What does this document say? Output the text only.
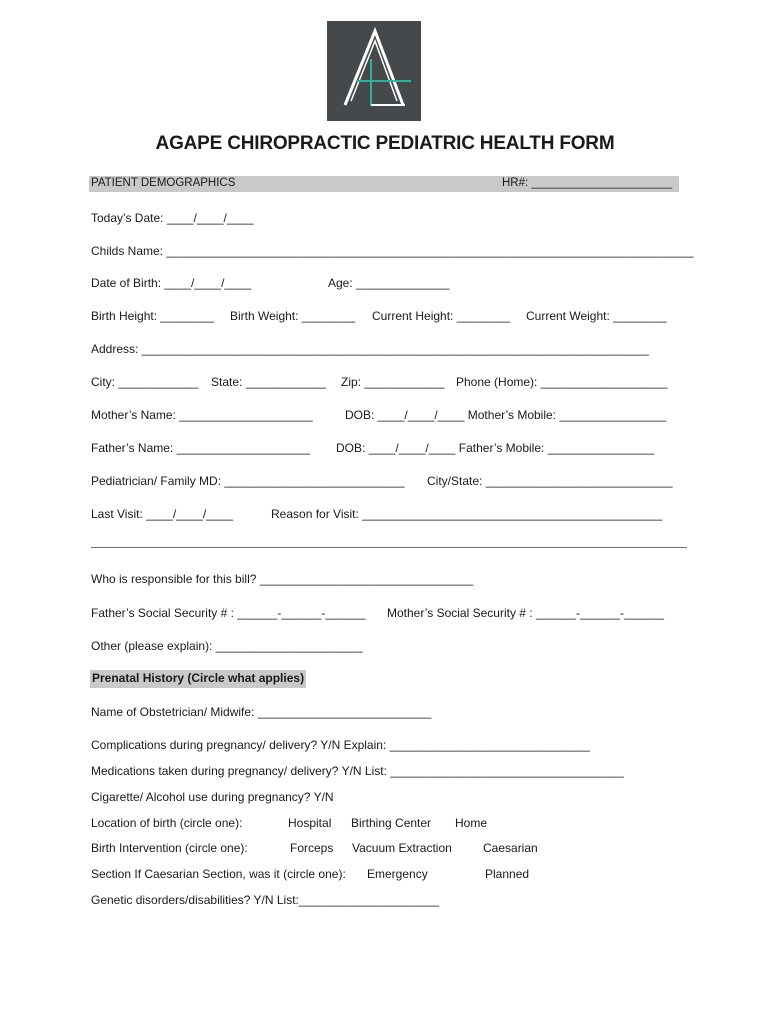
AGAPE CHIROPRACTIC PEDIATRIC HEALTH FORM
PATIENT DEMOGRAPHICS	HR#: ______________________
Today’s Date: ____/____/____
Childs Name: _______________________________________________________________________________
Date of Birth: ____/____/____	Age: ______________
Birth Height: ________ Birth Weight: ________ Current Height: ________ Current Weight: ________
Address: ____________________________________________________________________________
City: ____________ State: ____________ Zip: ____________ Phone (Home): ___________________
Mother’s Name: ____________________	DOB: ____/____/____ Mother’s Mobile: ________________
Father’s Name: ____________________ DOB: ____/____/____ Father’s Mobile: ________________
Pediatrician/ Family MD: ___________________________ City/State: ____________________________
Last Visit: ____/____/____	Reason for Visit: _____________________________________________
Who is responsible for this bill? ________________________________
Father’s Social Security # : ______-______-______ Mother’s Social Security # : ______-______-______
Other (please explain): ______________________
Prenatal History (Circle what applies)
Name of Obstetrician/ Midwife: __________________________
Complications during pregnancy/ delivery? Y/N Explain: ______________________________
Medications taken during pregnancy/ delivery? Y/N List: ___________________________________
Cigarette/ Alcohol use during pregnancy? Y/N
Location of birth (circle one):	Hospital Birthing Center Home
Birth Intervention (circle one):	Forceps Vacuum Extraction	Caesarian
Section If Caesarian Section, was it (circle one): Emergency	Planned
Genetic disorders/disabilities? Y/N List:_____________________
